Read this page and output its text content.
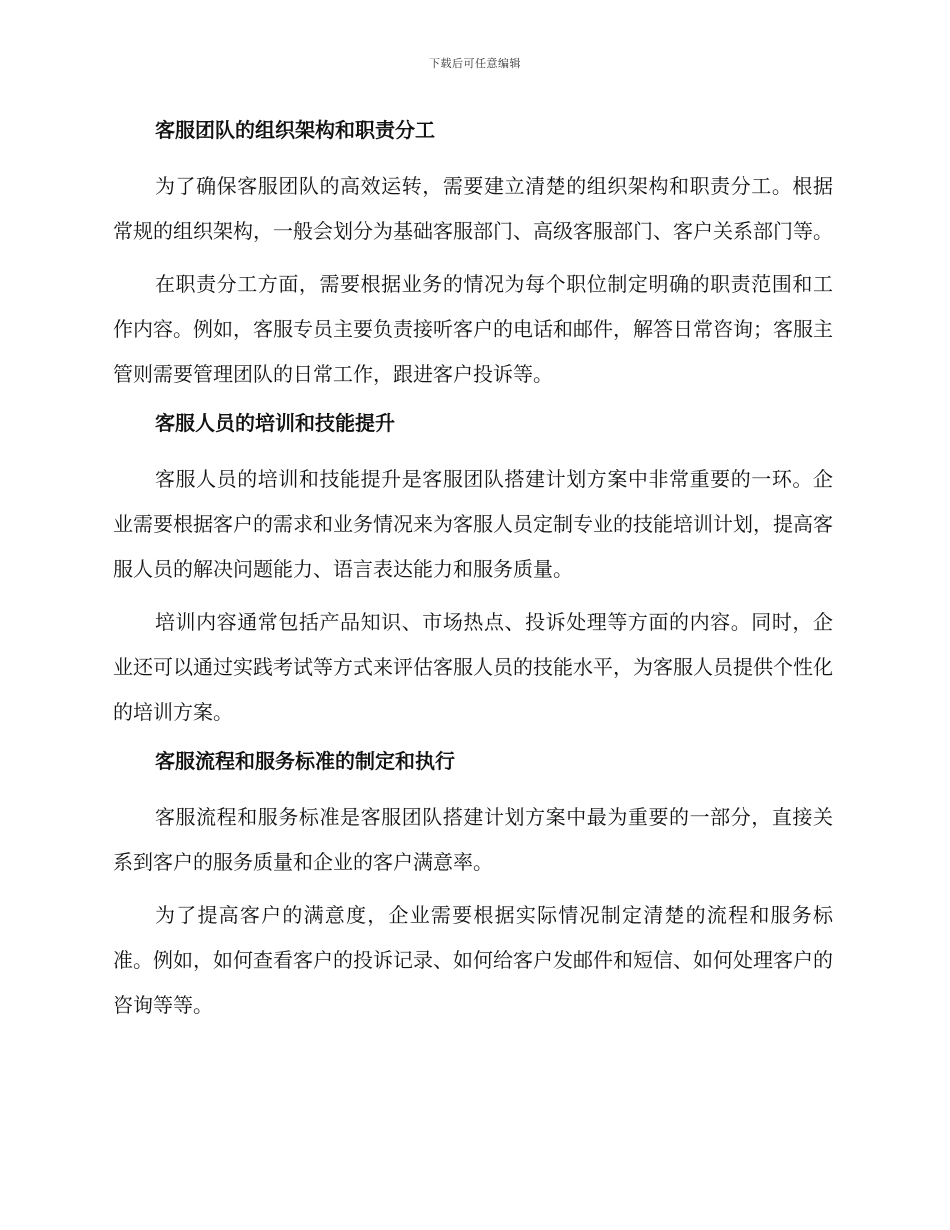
下载后可任意编辑
客服团队的组织架构和职责分工

为了确保客服团队的高效运转，需要建立清楚的组织架构和职责分工。根据常规的组织架构，一般会划分为基础客服部门、高级客服部门、客户关系部门等。

在职责分工方面，需要根据业务的情况为每个职位制定明确的职责范围和工作内容。例如，客服专员主要负责接听客户的电话和邮件，解答日常咨询；客服主管则需要管理团队的日常工作，跟进客户投诉等。

客服人员的培训和技能提升

客服人员的培训和技能提升是客服团队搭建计划方案中非常重要的一环。企业需要根据客户的需求和业务情况来为客服人员定制专业的技能培训计划，提高客服人员的解决问题能力、语言表达能力和服务质量。

培训内容通常包括产品知识、市场热点、投诉处理等方面的内容。同时，企业还可以通过实践考试等方式来评估客服人员的技能水平，为客服人员提供个性化的培训方案。

客服流程和服务标准的制定和执行

客服流程和服务标准是客服团队搭建计划方案中最为重要的一部分，直接关系到客户的服务质量和企业的客户满意率。

为了提高客户的满意度，企业需要根据实际情况制定清楚的流程和服务标准。例如，如何查看客户的投诉记录、如何给客户发邮件和短信、如何处理客户的咨询等等。
